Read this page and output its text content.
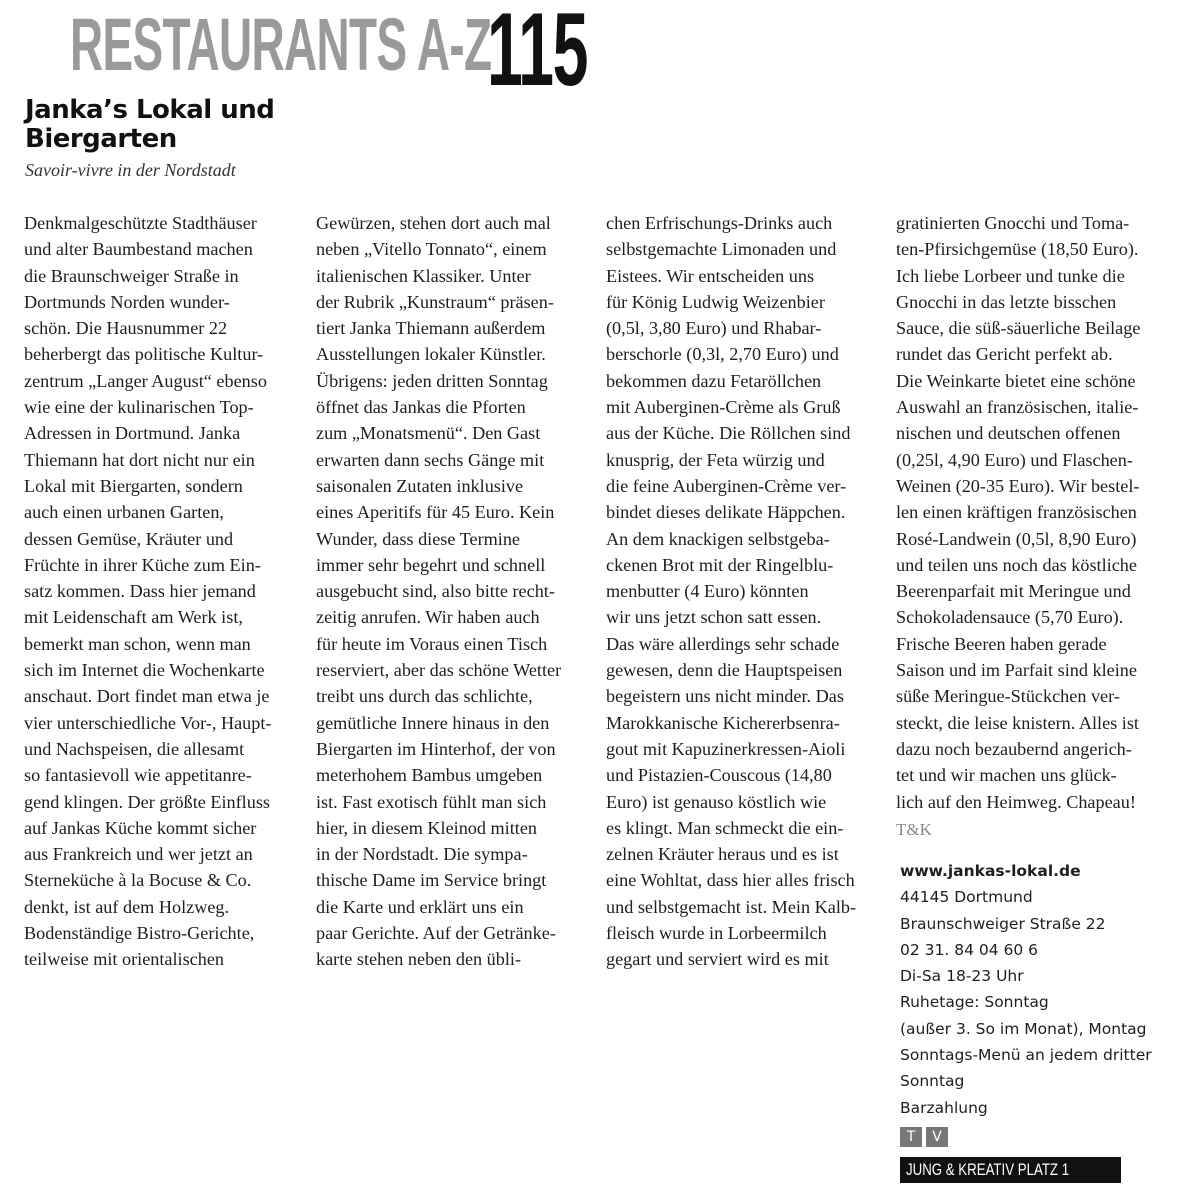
RESTAURANTS A-Z
115
Janka’s Lokal und
Biergarten
Savoir-vivre in der Nordstadt
Denkmalgeschützte Stadthäuser
und alter Baumbestand machen
die Braunschweiger Straße in
Dortmunds Norden wunder-
schön. Die Hausnummer 22
beherbergt das politische Kultur-
zentrum „Langer August“ ebenso
wie eine der kulinarischen Top-
Adressen in Dortmund. Janka
Thiemann hat dort nicht nur ein
Lokal mit Biergarten, sondern
auch einen urbanen Garten,
dessen Gemüse, Kräuter und
Früchte in ihrer Küche zum Ein-
satz kommen. Dass hier jemand
mit Leidenschaft am Werk ist,
bemerkt man schon, wenn man
sich im Internet die Wochenkarte
anschaut. Dort findet man etwa je
vier unterschiedliche Vor-, Haupt-
und Nachspeisen, die allesamt
so fantasievoll wie appetitanre-
gend klingen. Der größte Einfluss
auf Jankas Küche kommt sicher
aus Frankreich und wer jetzt an
Sterneküche à la Bocuse & Co.
denkt, ist auf dem Holzweg.
Bodenständige Bistro-Gerichte,
teilweise mit orientalischen
Gewürzen, stehen dort auch mal
neben „Vitello Tonnato“, einem
italienischen Klassiker. Unter
der Rubrik „Kunstraum“ präsen-
tiert Janka Thiemann außerdem
Ausstellungen lokaler Künstler.
Übrigens: jeden dritten Sonntag
öffnet das Jankas die Pforten
zum „Monatsmenü“. Den Gast
erwarten dann sechs Gänge mit
saisonalen Zutaten inklusive
eines Aperitifs für 45 Euro. Kein
Wunder, dass diese Termine
immer sehr begehrt und schnell
ausgebucht sind, also bitte recht-
zeitig anrufen. Wir haben auch
für heute im Voraus einen Tisch
reserviert, aber das schöne Wetter
treibt uns durch das schlichte,
gemütliche Innere hinaus in den
Biergarten im Hinterhof, der von
meterhohem Bambus umgeben
ist. Fast exotisch fühlt man sich
hier, in diesem Kleinod mitten
in der Nordstadt. Die sympa-
thische Dame im Service bringt
die Karte und erklärt uns ein
paar Gerichte. Auf der Getränke-
karte stehen neben den übli-
chen Erfrischungs-Drinks auch
selbstgemachte Limonaden und
Eistees. Wir entscheiden uns
für König Ludwig Weizenbier
(0,5l, 3,80 Euro) und Rhabar-
berschorle (0,3l, 2,70 Euro) und
bekommen dazu Fetaröllchen
mit Auberginen-Crème als Gruß
aus der Küche. Die Röllchen sind
knusprig, der Feta würzig und
die feine Auberginen-Crème ver-
bindet dieses delikate Häppchen.
An dem knackigen selbstgeba-
ckenen Brot mit der Ringelblu-
menbutter (4 Euro) könnten
wir uns jetzt schon satt essen.
Das wäre allerdings sehr schade
gewesen, denn die Hauptspeisen
begeistern uns nicht minder. Das
Marokkanische Kichererbsenra-
gout mit Kapuzinerkressen-Aioli
und Pistazien-Couscous (14,80
Euro) ist genauso köstlich wie
es klingt. Man schmeckt die ein-
zelnen Kräuter heraus und es ist
eine Wohltat, dass hier alles frisch
und selbstgemacht ist. Mein Kalb-
fleisch wurde in Lorbeermilch
gegart und serviert wird es mit
gratinierten Gnocchi und Toma-
ten-Pfirsichgemüse (18,50 Euro).
Ich liebe Lorbeer und tunke die
Gnocchi in das letzte bisschen
Sauce, die süß-säuerliche Beilage
rundet das Gericht perfekt ab.
Die Weinkarte bietet eine schöne
Auswahl an französischen, italie-
nischen und deutschen offenen
(0,25l, 4,90 Euro) und Flaschen-
Weinen (20-35 Euro). Wir bestel-
len einen kräftigen französischen
Rosé-Landwein (0,5l, 8,90 Euro)
und teilen uns noch das köstliche
Beerenparfait mit Meringue und
Schokoladensauce (5,70 Euro).
Frische Beeren haben gerade
Saison und im Parfait sind kleine
süße Meringue-Stückchen ver-
steckt, die leise knistern. Alles ist
dazu noch bezaubernd angerich-
tet und wir machen uns glück-
lich auf den Heimweg. Chapeau!
T&K
www.jankas-lokal.de
44145 Dortmund
Braunschweiger Straße 22
02 31. 84 04 60 6
Di-Sa 18-23 Uhr
Ruhetage: Sonntag
(außer 3. So im Monat), Montag
Sonntags-Menü an jedem dritter
Sonntag
Barzahlung
T	V
JUNG & KREATIV PLATZ 1
